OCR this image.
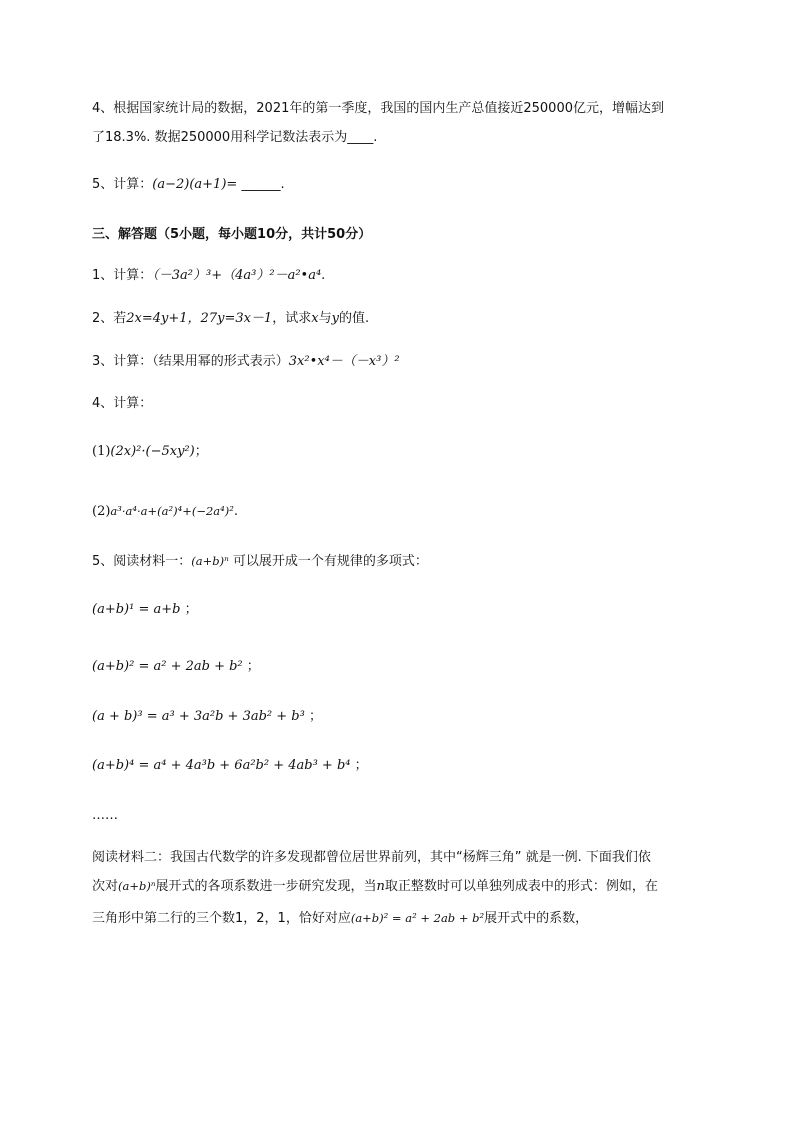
4、根据国家统计局的数据，2021年的第一季度，我国的国内生产总值接近250000亿元，增幅达到
了18.3%. 数据250000用科学记数法表示为____.
5、计算：(a−2)(a+1)= ______.
三、解答题（5小题，每小题10分，共计50分）
1、计算：（－3a²）³+（4a³）²－a²•a⁴.
2、若2x=4y+1，27y=3x－1，试求x与y的值.
3、计算：（结果用幂的形式表示）3x²•x⁴－（－x³）²
4、计算：
(1)(2x)²·(−5xy²)；
(2)a³·a⁴·a+(a²)⁴+(−2a⁴)².
5、阅读材料一：(a+b)ⁿ 可以展开成一个有规律的多项式：
(a+b)¹ = a+b ；
(a+b)² = a² + 2ab + b² ；
(a + b)³ = a³ + 3a²b + 3ab² + b³ ；
(a+b)⁴ = a⁴ + 4a³b + 6a²b² + 4ab³ + b⁴ ；
……
阅读材料二：我国古代数学的许多发现都曾位居世界前列，其中“杨辉三角” 就是一例. 下面我们依
次对(a+b)ⁿ展开式的各项系数进一步研究发现，当n取正整数时可以单独列成表中的形式：例如，在
三角形中第二行的三个数1，2，1，恰好对应(a+b)² = a² + 2ab + b²展开式中的系数，
